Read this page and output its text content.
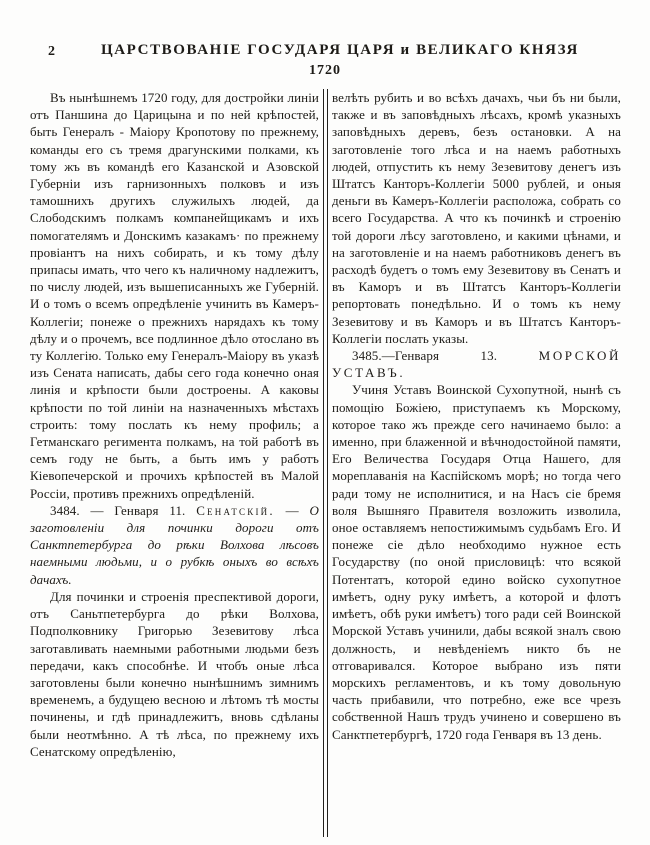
2	ЦАРСТВОВАНІЕ ГОСУДАРЯ ЦАРЯ и ВЕЛИКАГО КНЯЗЯ
1720

Въ нынѣшнемъ 1720 году, для достройки линіи отъ Паншина до Царицына и по ней крѣпостей, быть Генералъ - Маіору Кропотову по прежнему, команды его съ тремя драгунскими полками, къ тому жъ въ командѣ его Казанской и Азовской Губерніи изъ гарнизонныхъ полковъ и изъ тамошнихъ другихъ служилыхъ людей, да Слободскимъ полкамъ компанейщикамъ и ихъ помогателямъ и Донскимъ казакамъ· по прежнему провіантъ на нихъ собирать, и къ тому дѣлу припасы имать, что чего къ наличному надлежитъ, по числу людей, изъ вышеписанныхъ же Губерній. И о томъ о всемъ опредѣленіе учинить въ Камеръ-Коллегіи; понеже о прежнихъ нарядахъ къ тому дѣлу и о прочемъ, все подлинное дѣло отослано въ ту Коллегію. Только ему Генералъ-Маіору въ указѣ изъ Сената написать, дабы сего года конечно оная линія и крѣпости были достроены. А каковы крѣпости по той линіи на назначенныхъ мѣстахъ строить: тому послать къ нему профиль; а Гетманскаго регимента полкамъ, на той работѣ въ семъ году не быть, а быть имъ у работъ Кіевопечерской и прочихъ крѣпостей въ Малой Россіи, противъ прежнихъ опредѣленій.

3484. — Генваря 11. Сенатскій. — О заготовленіи для починки дороги отъ Санктпетербурга до рѣки Волхова лѣсовъ наемными людьми, и о рубкѣ оныхъ во всѣхъ дачахъ.

Для починки и строенія преспективой дороги, отъ Саньтпетербурга до рѣки Волхова, Подполковнику Григорью Зезевитову лѣса заготавливать наемными работными людьми безъ передачи, какъ способнѣе. И чтобъ оные лѣса заготовлены были конечно нынѣшнимъ зимнимъ временемъ, а будущею весною и лѣтомъ тѣ мосты починены, и гдѣ принадлежитъ, вновь сдѣланы были неотмѣнно. А тѣ лѣса, по прежнему ихъ Сенатскому опредѣленію,

велѣть рубить и во всѣхъ дачахъ, чьи бъ ни были, также и въ заповѣдныхъ лѣсахъ, кромѣ указныхъ заповѣдныхъ деревъ, безъ остановки. А на заготовленіе того лѣса и на наемъ работныхъ людей, отпустить къ нему Зезевитову денегъ изъ Штатсъ Канторъ-Коллегіи 5000 рублей, и оныя деньги въ Камеръ-Коллегіи расположа, собрать со всего Государства. А что къ починкѣ и строенію той дороги лѣсу заготовлено, и какими цѣнами, и на заготовленіе и на наемъ работниковъ денегъ въ расходѣ будетъ о томъ ему Зезевитову въ Сенатъ и въ Каморъ и въ Штатсъ Канторъ-Коллегіи репортовать понедѣльно. И о томъ къ нему Зезевитову и въ Каморъ и въ Штатсъ Канторъ-Коллегіи послать указы.

3485.—Генваря 13. МОРСКОЙ УСТАВЪ.

Учиня Уставъ Воинской Сухопутной, нынѣ съ помощію Божіею, приступаемъ къ Морскому, которое тако жъ прежде сего начинаемо было: а именно, при блаженной и вѣчнодостойной памяти, Его Величества Государя Отца Нашего, для мореплаванія на Каспійскомъ морѣ; но тогда чего ради тому не исполнитися, и на Насъ сіе бремя воля Вышняго Правителя возложить изволила, оное оставляемъ непостижимымъ судьбамъ Его. И понеже сіе дѣло необходимо нужное есть Государству (по оной присловицѣ: что всякой Потентатъ, которой едино войско сухопутное имѣетъ, одну руку имѣетъ, а которой и флотъ имѣетъ, обѣ руки имѣетъ) того ради сей Воинской Морской Уставъ учинили, дабы всякой зналъ свою должность, и невѣденіемъ никто бъ не отговаривался. Которое выбрано изъ пяти морскихъ регламентовъ, и къ тому довольную часть прибавили, что потребно, еже все чрезъ собственной Нашъ трудъ учинено и совершено въ Санктпетербургѣ, 1720 года Генваря въ 13 день.
